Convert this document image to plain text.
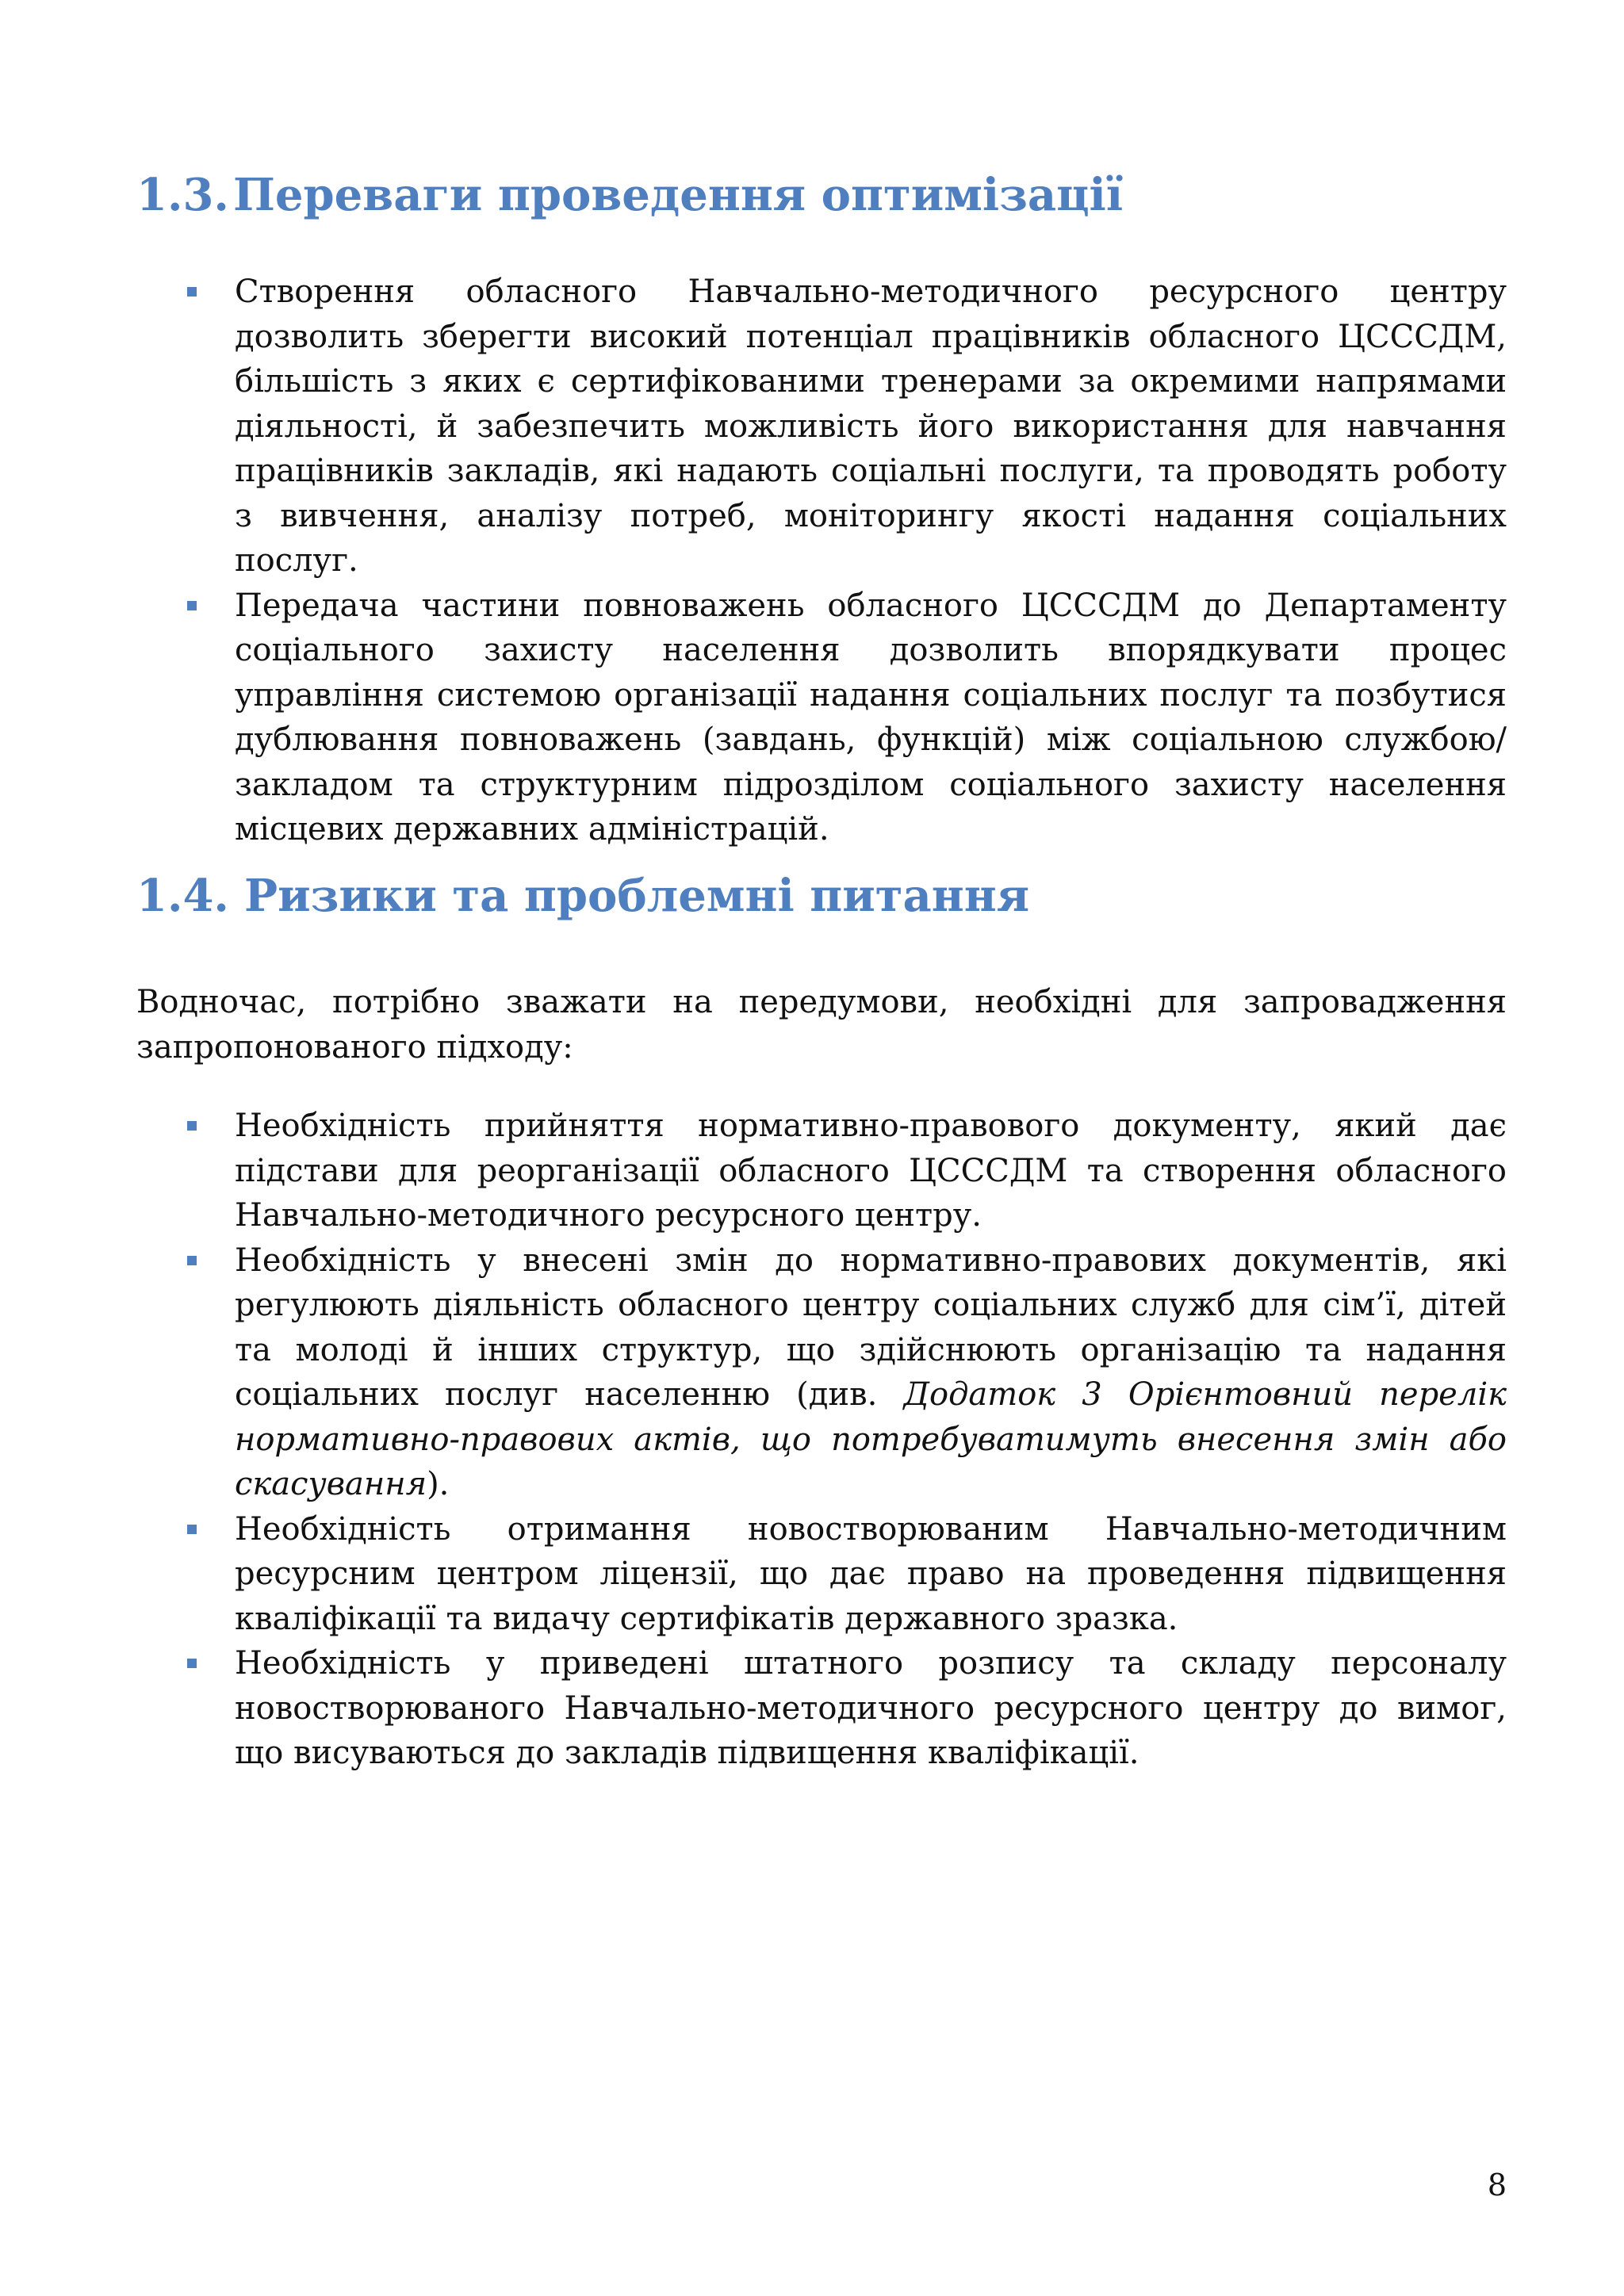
1.3.Переваги проведення оптимізації
Створення обласного Навчально-методичного ресурсного центру дозволить зберегти високий потенціал працівників обласного ЦСССДМ, більшість з яких є сертифікованими тренерами за окремими напрямами діяльності, й забезпечить можливість його використання для навчання працівників закладів, які надають соціальні послуги, та проводять роботу з вивчення, аналізу потреб, моніторингу якості надання соціальних послуг.
Передача частини повноважень обласного ЦСССДМ до Департаменту соціального захисту населення дозволить впорядкувати процес управління системою організації надання соціальних послуг та позбутися дублювання повноважень (завдань, функцій) між соціальною службою/закладом та структурним підрозділом соціального захисту населення місцевих державних адміністрацій.
1.4. Ризики та проблемні питання

Водночас, потрібно зважати на передумови, необхідні для запровадження запропонованого підходу:

Необхідність прийняття нормативно-правового документу, який дає підстави для реорганізації обласного ЦСССДМ та створення обласного Навчально-методичного ресурсного центру.
Необхідність у внесені змін до нормативно-правових документів, які регулюють діяльність обласного центру соціальних служб для сім’ї, дітей та молоді й інших структур, що здійснюють організацію та надання соціальних послуг населенню (див. Додаток 3 Орієнтовний перелік нормативно-правових актів, що потребуватимуть внесення змін або скасування).
Необхідність отримання новоствoрюваним Навчально-методичним ресурсним центром ліцензії, що дає право на проведення підвищення кваліфікації та видачу сертифікатів державного зразка.
Необхідність у приведені штатного розпису та складу персоналу новоствoрюваного Навчально-методичного ресурсного центру до вимог, що висуваються до закладів підвищення кваліфікації.
8
